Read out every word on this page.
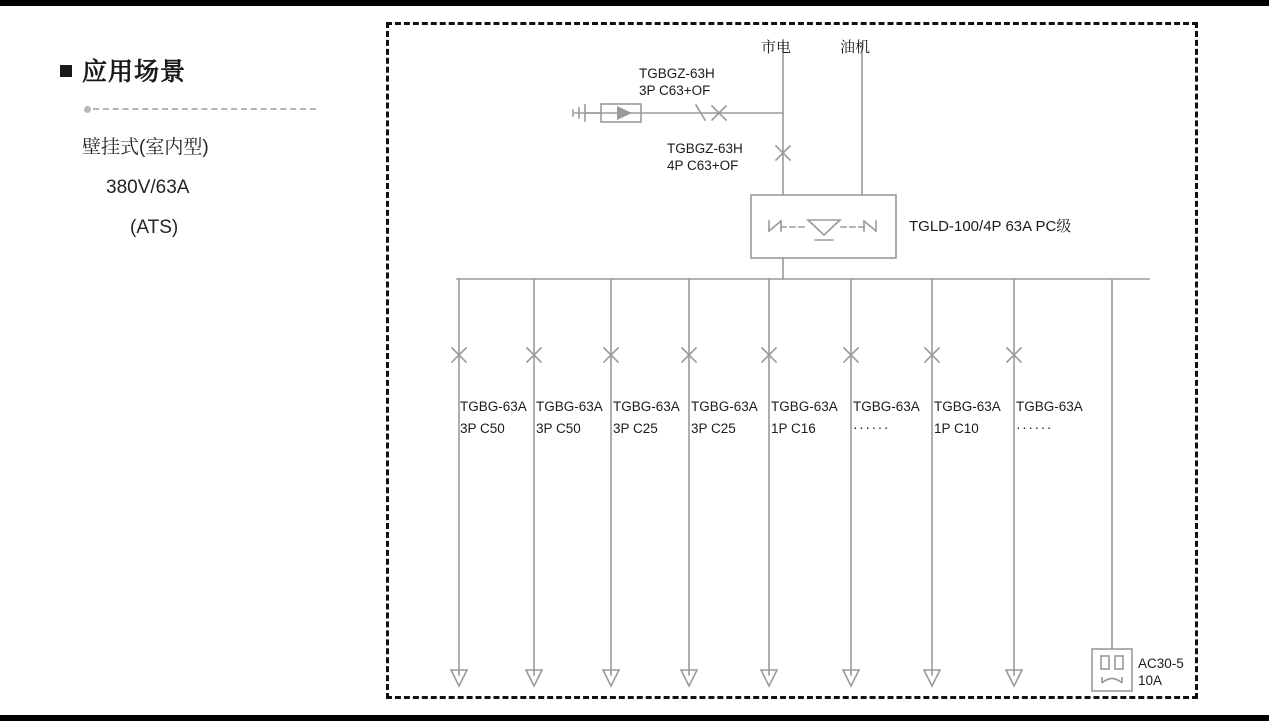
应用场景
壁挂式(室内型)
380V/63A
(ATS)
市电	油机
TGBGZ-63H
3P C63+OF
TGBGZ-63H
4P C63+OF
TGLD-100/4P 63A PC级
TGBG-63A
3P C50
TGBG-63A
3P C50
TGBG-63A
3P C25
TGBG-63A
3P C25
TGBG-63A
1P C16
TGBG-63A
······
TGBG-63A
1P C10
TGBG-63A
······
AC30-5
10A
